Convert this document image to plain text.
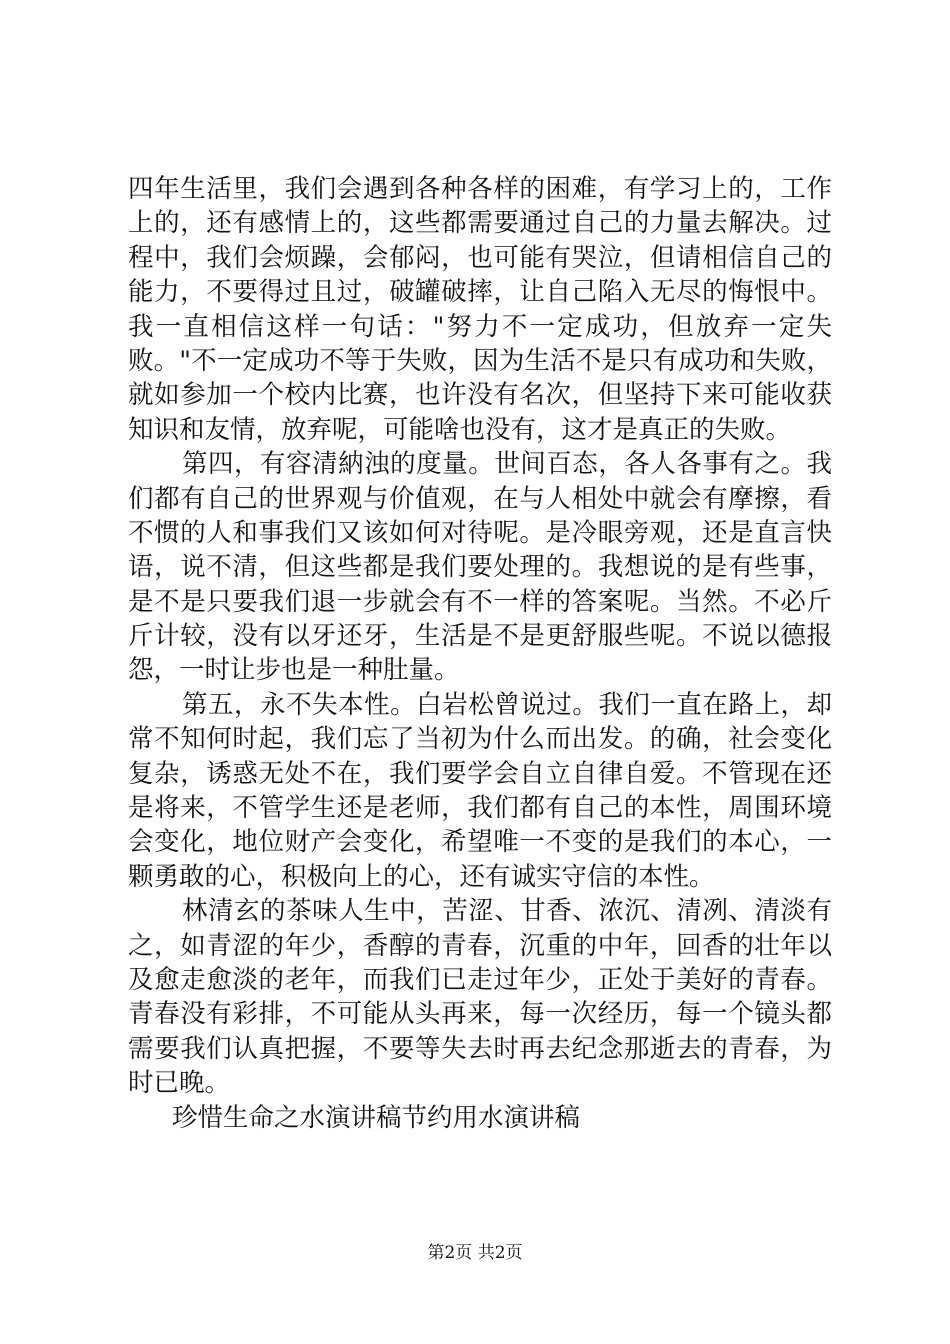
四年生活里，我们会遇到各种各样的困难，有学习上的，工作
上的，还有感情上的，这些都需要通过自己的力量去解决。过
程中，我们会烦躁，会郁闷，也可能有哭泣，但请相信自己的
能力，不要得过且过，破罐破摔，让自己陷入无尽的悔恨中。
我一直相信这样一句话："努力不一定成功，但放弃一定失
败。"不一定成功不等于失败，因为生活不是只有成功和失败，
就如参加一个校内比赛，也许没有名次，但坚持下来可能收获
知识和友情，放弃呢，可能啥也没有，这才是真正的失败。
第四，有容清納浊的度量。世间百态，各人各事有之。我
们都有自己的世界观与价值观，在与人相处中就会有摩擦，看
不惯的人和事我们又该如何对待呢。是冷眼旁观，还是直言快
语，说不清，但这些都是我们要处理的。我想说的是有些事，
是不是只要我们退一步就会有不一样的答案呢。当然。不必斤
斤计较，没有以牙还牙，生活是不是更舒服些呢。不说以德报
怨，一时让步也是一种肚量。
第五，永不失本性。白岩松曾说过。我们一直在路上，却
常不知何时起，我们忘了当初为什么而出发。的确，社会变化
复杂，诱惑无处不在，我们要学会自立自律自爱。不管现在还
是将来，不管学生还是老师，我们都有自己的本性，周围环境
会变化，地位财产会变化，希望唯一不变的是我们的本心，一
颗勇敢的心，积极向上的心，还有诚实守信的本性。
林清玄的茶味人生中，苦涩、甘香、浓沉、清冽、清淡有
之，如青涩的年少，香醇的青春，沉重的中年，回香的壮年以
及愈走愈淡的老年，而我们已走过年少，正处于美好的青春。
青春没有彩排，不可能从头再来，每一次经历，每一个镜头都
需要我们认真把握，不要等失去时再去纪念那逝去的青春，为
时已晚。
珍惜生命之水演讲稿节约用水演讲稿
第2页 共2页
